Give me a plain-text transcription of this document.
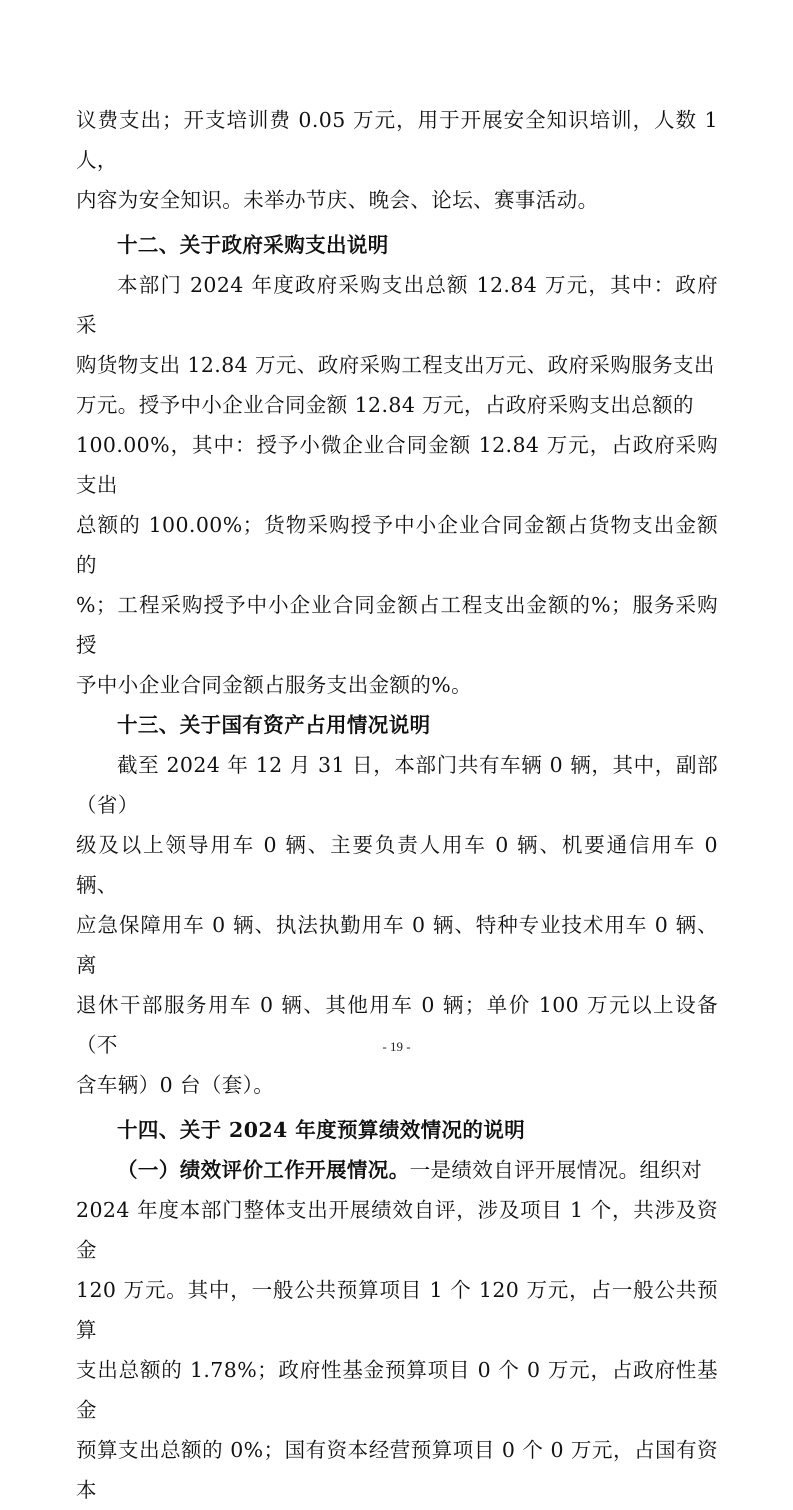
议费支出；开支培训费 0.05 万元，用于开展安全知识培训，人数 1 人，
内容为安全知识。未举办节庆、晚会、论坛、赛事活动。

十二、关于政府采购支出说明

本部门 2024 年度政府采购支出总额 12.84 万元，其中：政府采
购货物支出 12.84 万元、政府采购工程支出万元、政府采购服务支出
万元。授予中小企业合同金额 12.84 万元，占政府采购支出总额的
100.00%，其中：授予小微企业合同金额 12.84 万元，占政府采购支出
总额的 100.00%；货物采购授予中小企业合同金额占货物支出金额的
%；工程采购授予中小企业合同金额占工程支出金额的%；服务采购授
予中小企业合同金额占服务支出金额的%。

十三、关于国有资产占用情况说明

截至 2024 年 12 月 31 日，本部门共有车辆 0 辆，其中，副部（省）
级及以上领导用车 0 辆、主要负责人用车 0 辆、机要通信用车 0 辆、
应急保障用车 0 辆、执法执勤用车 0 辆、特种专业技术用车 0 辆、离
退休干部服务用车 0 辆、其他用车 0 辆；单价 100 万元以上设备（不
含车辆）0 台（套）。

十四、关于 2024 年度预算绩效情况的说明

（一）绩效评价工作开展情况。一是绩效自评开展情况。组织对
2024 年度本部门整体支出开展绩效自评，涉及项目 1 个，共涉及资金
120 万元。其中，一般公共预算项目 1 个 120 万元，占一般公共预算
支出总额的 1.78%；政府性基金预算项目 0 个 0 万元，占政府性基金
预算支出总额的 0%；国有资本经营预算项目 0 个 0 万元，占国有资本

- 19 -
